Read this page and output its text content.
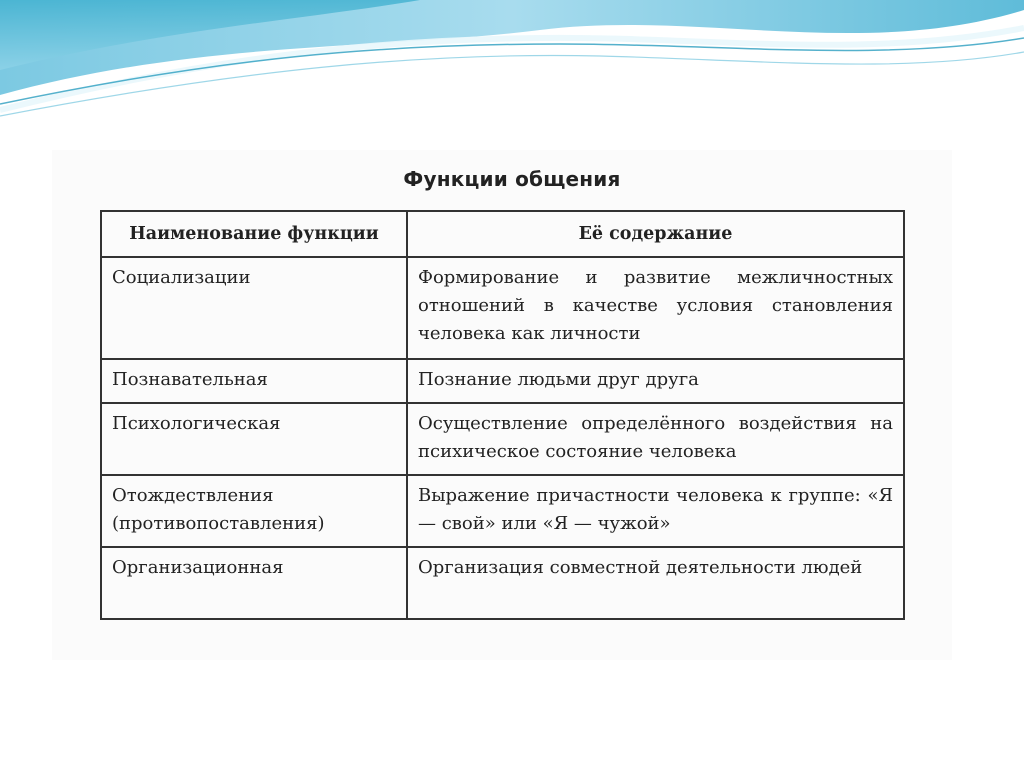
Функции общения
Наименование функции	Её содержание
Социализации	Формирование и развитие межличностных отношений в качестве условия становления человека как личности
Познавательная	Познание людьми друг друга
Психологическая	Осуществление определённого воздействия на психическое состояние человека
Отождествления (противопоставления)	Выражение причастности человека к группе: «Я — свой» или «Я — чужой»
Организационная	Организация совместной деятельности людей
